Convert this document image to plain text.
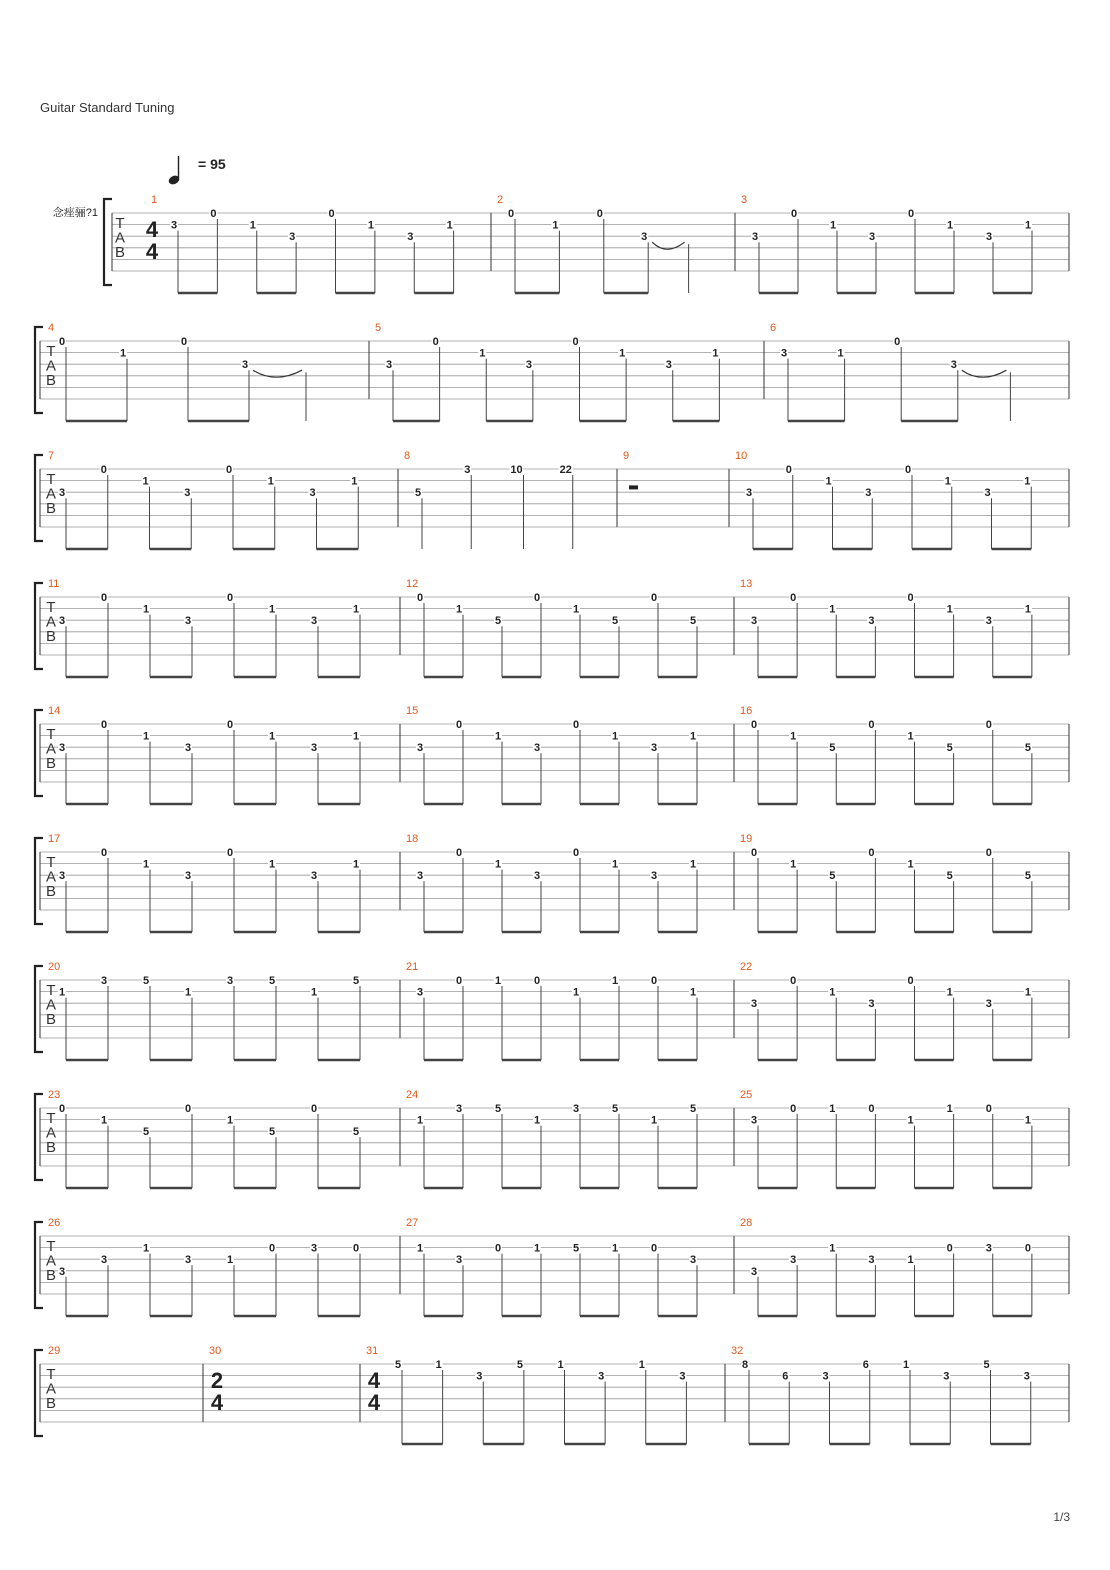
Guitar Standard Tuning
= 95
念痤骊?1
T
A
B
1
4
4
3
0
1
3
0
1
3
1
2
0
1
0
3
3
3
0
1
3
0
1
3
1
T
A
B
4
0
1
0
3
5
3
0
1
3
0
1
3
1
6
3	1
0
3
T
A
B
7
3
0
1
3
0
1
3
1
8
5
3	10	22
9	10
3
0
1
3
0
1
3
1
T
A
B
11
3
0
1
3
0
1
3
1
12
0
1
5
0
1
5
0
5
13
3
0
1
3
0
1
3
1
T
A
B
14
3
0
1
3
0
1
3
1
15
3
0
1
3
0
1
3
1
16
0
1
5
0
1
5
0
5
T
A
B
17
3
0
1
3
0
1
3
1
18
3
0
1
3
0
1
3
1
19
0
1
5
0
1
5
0
5
T
A
B
20
1
3	5
1
3	5
1
5
21
3
0	1	0
1
1	0
1
22
3
0
1
3
0
1
3
1
T
A
B
23
0
1
5
0
1
5
0
5
24
1
3	5
1
3	5
1
5
25
3
0	1	0
1
1	0
1
T
A
B
26
3
3
1
3	1
0	3	0
27
1
3
0	1	5	1	0
3
28
3
3
1
3	1
0	3	0
T
A
B
29	30
2
4
31
4
4
5	1
3
5	1
3
1
3
32
8
6	3
6	1
3
5
3
1/3
